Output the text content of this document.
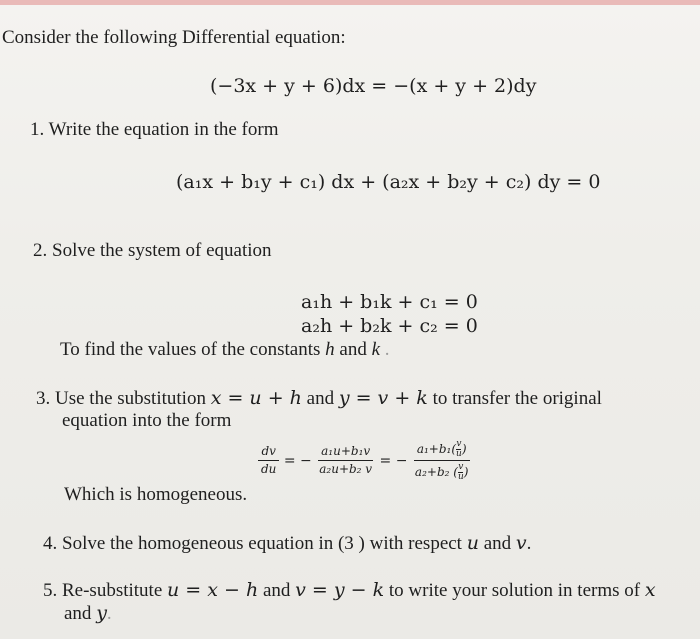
Consider the following Differential equation:
(−3x + y + 6)dx = −(x + y + 2)dy
1. Write the equation in the form
(a₁x + b₁y + c₁) dx + (a₂x + b₂y + c₂) dy = 0
2. Solve the system of equation
a₁h + b₁k + c₁ = 0
a₂h + b₂k + c₂ = 0
To find the values of the constants h and k .
3. Use the substitution x = u + h and y = v + k to transfer the original
equation into the form
$\frac{dv}{du}$ = − $\frac{\text{a₁u+b₁v}}{\text{a₂u+b₂ v}}$ = − $\frac{a_1+b_1( \frac{v}{u} )}{a_2+b_2 ( \frac{v}{u} )}$
Which is homogeneous.
4. Solve the homogeneous equation in (3 ) with respect u and v.
5. Re-substitute u = x − h and v = y − k to write your solution in terms of x
and y.
